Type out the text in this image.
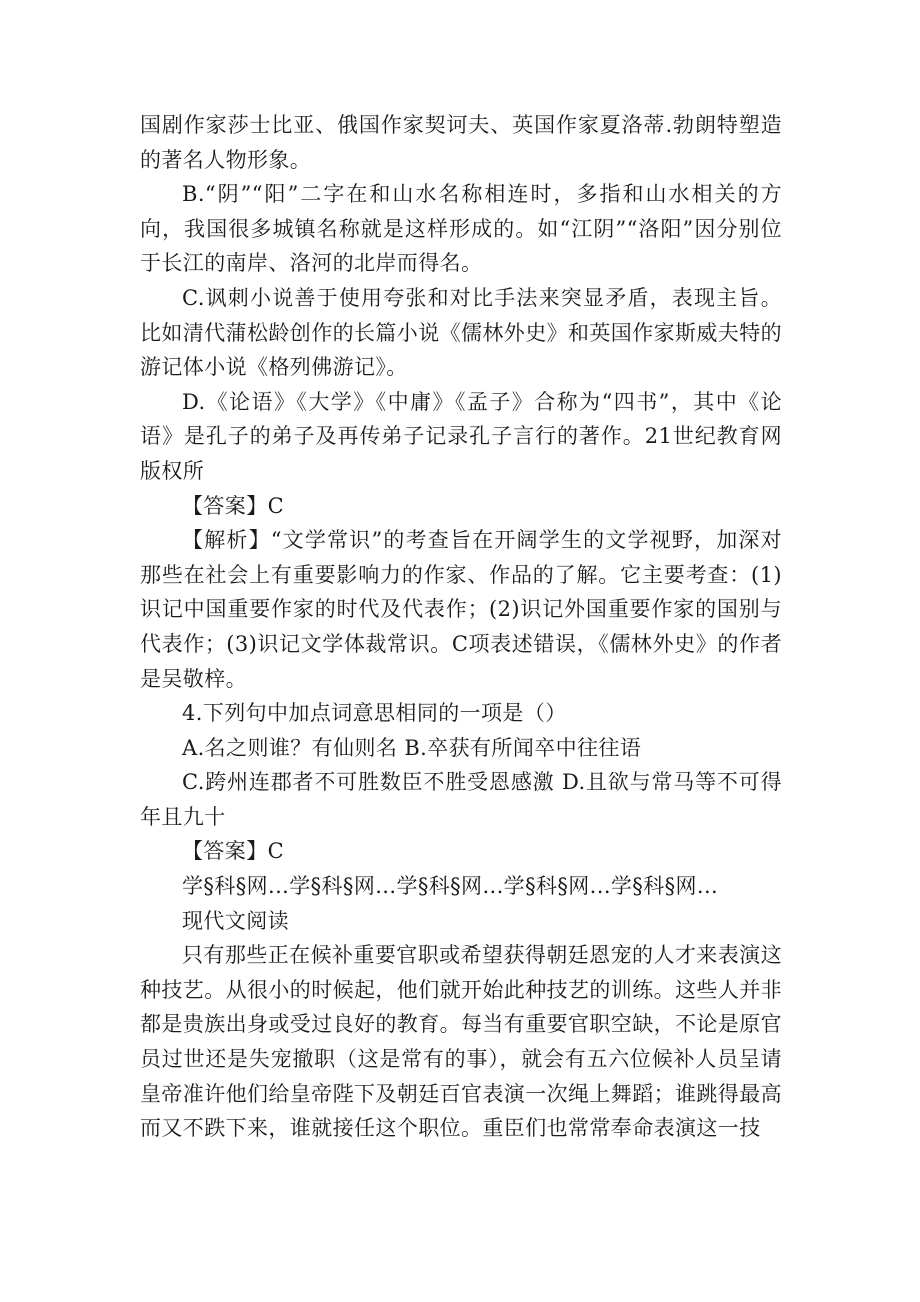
国剧作家莎士比亚、俄国作家契诃夫、英国作家夏洛蒂.勃朗特塑造的著名人物形象。

B.“阴”“阳”二字在和山水名称相连时，多指和山水相关的方向，我国很多城镇名称就是这样形成的。如“江阴”“洛阳”因分别位于长江的南岸、洛河的北岸而得名。

C.讽刺小说善于使用夸张和对比手法来突显矛盾，表现主旨。比如清代蒲松龄创作的长篇小说《儒林外史》和英国作家斯威夫特的游记体小说《格列佛游记》。

D.《论语》《大学》《中庸》《孟子》合称为“四书”，其中《论语》是孔子的弟子及再传弟子记录孔子言行的著作。21世纪教育网版权所

【答案】C

【解析】“文学常识”的考查旨在开阔学生的文学视野，加深对那些在社会上有重要影响力的作家、作品的了解。它主要考查：(1)识记中国重要作家的时代及代表作；(2)识记外国重要作家的国别与代表作；(3)识记文学体裁常识。C项表述错误，《儒林外史》的作者是吴敬梓。

4.下列句中加点词意思相同的一项是（）

A.名之则谁？有仙则名 B.卒获有所闻卒中往往语

C.跨州连郡者不可胜数臣不胜受恩感激 D.且欲与常马等不可得年且九十

【答案】C

学§科§网...学§科§网...学§科§网...学§科§网...学§科§网...

现代文阅读

只有那些正在候补重要官职或希望获得朝廷恩宠的人才来表演这种技艺。从很小的时候起，他们就开始此种技艺的训练。这些人并非都是贵族出身或受过良好的教育。每当有重要官职空缺，不论是原官员过世还是失宠撤职（这是常有的事），就会有五六位候补人员呈请皇帝准许他们给皇帝陛下及朝廷百官表演一次绳上舞蹈；谁跳得最高而又不跌下来，谁就接任这个职位。重臣们也常常奉命表演这一技
